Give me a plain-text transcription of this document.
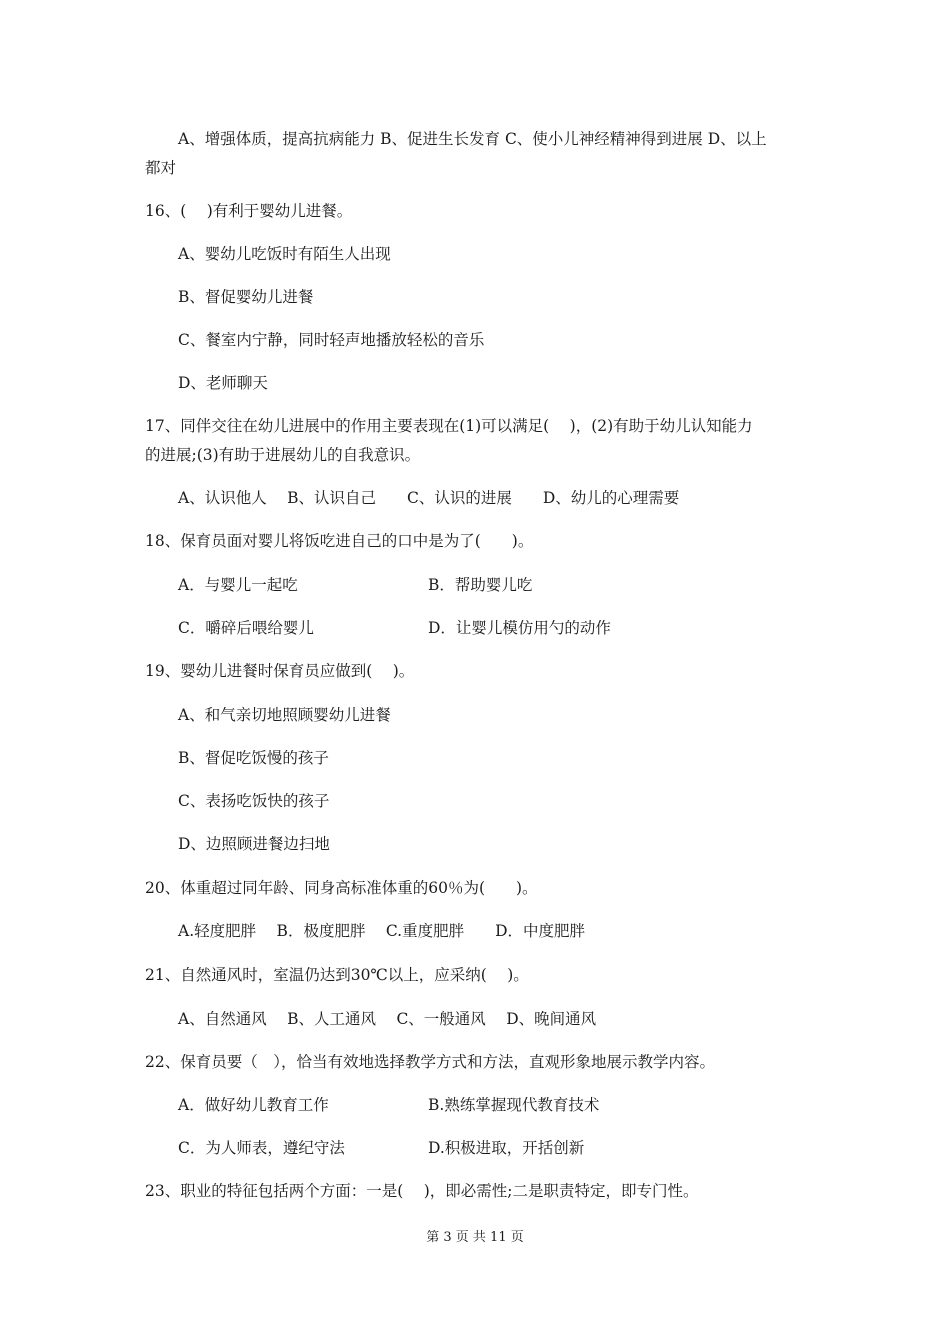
A、增强体质，提高抗病能力 B、促进生长发育 C、使小儿神经精神得到进展 D、以上
都对
16、(　 )有利于婴幼儿进餐。
A、婴幼儿吃饭时有陌生人出现
B、督促婴幼儿进餐
C、餐室内宁静，同时轻声地播放轻松的音乐
D、老师聊天
17、同伴交往在幼儿进展中的作用主要表现在(1)可以满足(　 )，(2)有助于幼儿认知能力
的进展;(3)有助于进展幼儿的自我意识。
A、认识他人　 B、认识自己　　C、认识的进展　　D、幼儿的心理需要
18、保育员面对婴儿将饭吃进自己的口中是为了(　　)。
A．与婴儿一起吃	B．帮助婴儿吃
C．嚼碎后喂给婴儿	D．让婴儿模仿用勺的动作
19、婴幼儿进餐时保育员应做到(　 )。
A、和气亲切地照顾婴幼儿进餐
B、督促吃饭慢的孩子
C、表扬吃饭快的孩子
D、边照顾进餐边扫地
20、体重超过同年龄、同身高标准体重的60％为(　　)。
A.轻度肥胖　 B．极度肥胖　 C.重度肥胖　　D．中度肥胖
21、自然通风时，室温仍达到30℃以上，应采纳(　 )。
A、自然通风　 B、人工通风　 C、一般通风　 D、晚间通风
22、保育员要（　），恰当有效地选择教学方式和方法，直观形象地展示教学内容。
A．做好幼儿教育工作	B.熟练掌握现代教育技术
C．为人师表，遵纪守法	D.积极进取，开括创新
23、职业的特征包括两个方面：一是(　 )，即必需性;二是职责特定，即专门性。
第 3 页 共 11 页
